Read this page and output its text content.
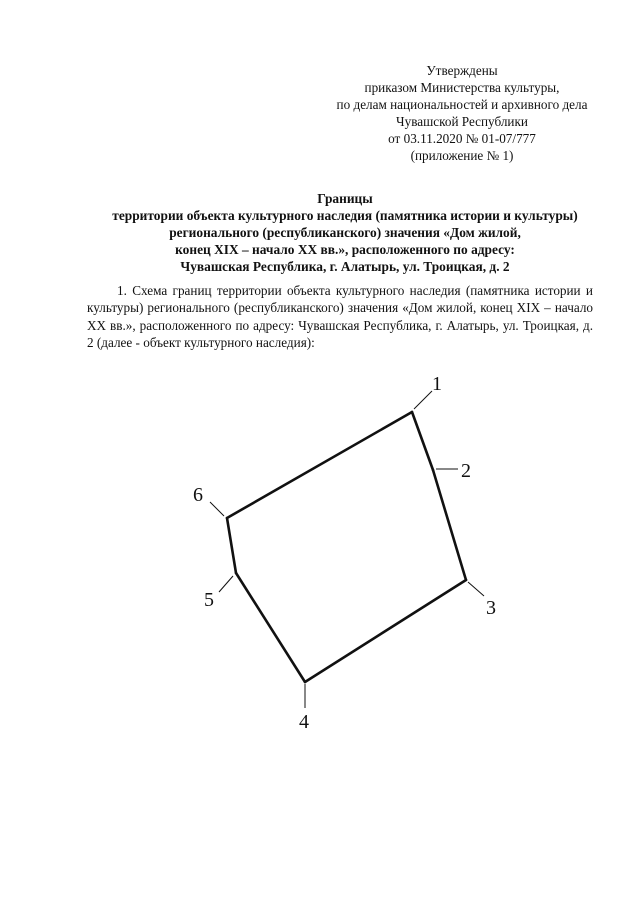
Утверждены
приказом Министерства культуры,
по делам национальностей и архивного дела
Чувашской Республики
от 03.11.2020 № 01-07/777
(приложение № 1)
Границы
территории объекта культурного наследия (памятника истории и культуры)
регионального (республиканского) значения «Дом жилой,
конец XIX – начало XX вв.», расположенного по адресу:
Чувашская Республика, г. Алатырь, ул. Троицкая, д. 2

1. Схема границ территории объекта культурного наследия (памятника истории и культуры) регионального (республиканского) значения «Дом жилой, конец XIX – начало XX вв.», расположенного по адресу: Чувашская Республика, г. Алатырь, ул. Троицкая, д. 2 (далее - объект культурного наследия):

1
2
3
4
5
6
